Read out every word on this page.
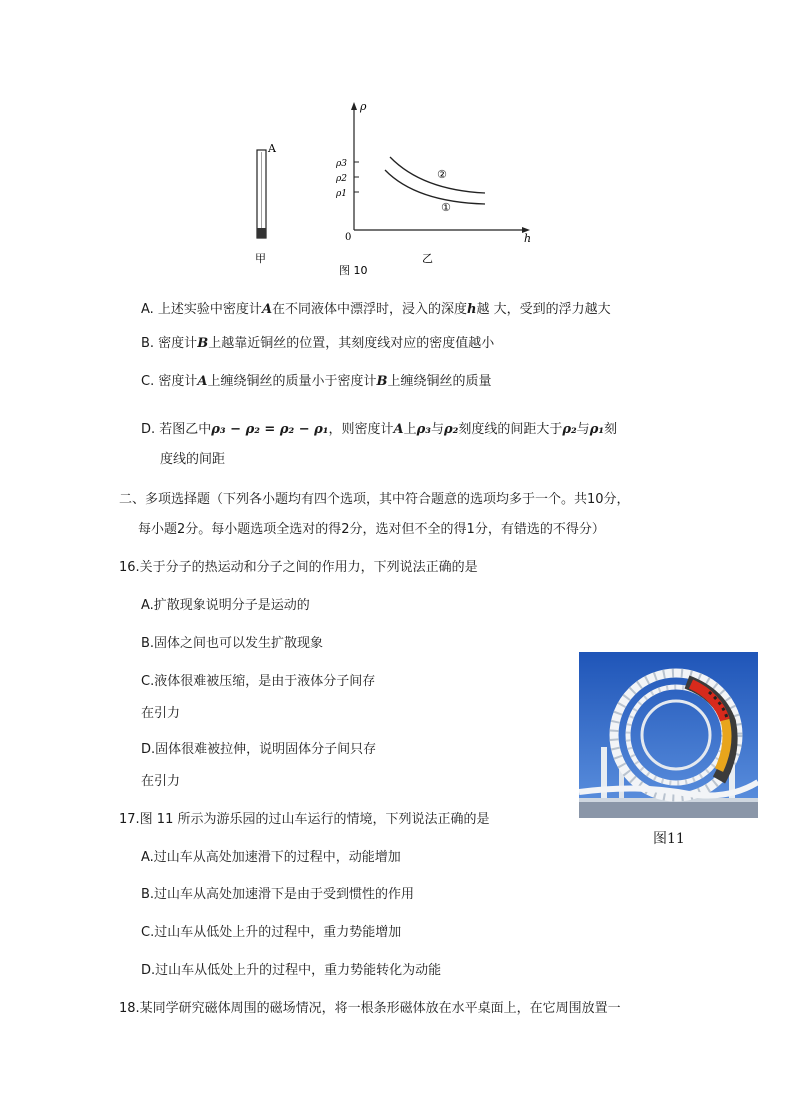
A
甲
ρ
h
0
ρ3
ρ2
ρ1
②
①
乙
图 10
A. 上述实验中密度计A在不同液体中漂浮时，浸入的深度h越 大，受到的浮力越大
B. 密度计B上越靠近铜丝的位置，其刻度线对应的密度值越小
C. 密度计A上缠绕铜丝的质量小于密度计B上缠绕铜丝的质量
D. 若图乙中ρ₃ − ρ₂ = ρ₂ − ρ₁，则密度计A上ρ₃与ρ₂刻度线的间距大于ρ₂与ρ₁刻
度线的间距
二、多项选择题（下列各小题均有四个选项，其中符合题意的选项均多于一个。共10分，
每小题2分。每小题选项全选对的得2分，选对但不全的得1分，有错选的不得分）
16.关于分子的热运动和分子之间的作用力，下列说法正确的是
A.扩散现象说明分子是运动的
B.固体之间也可以发生扩散现象
C.液体很难被压缩，是由于液体分子间存
在引力
D.固体很难被拉伸，说明固体分子间只存
在引力
图11
17.图 11 所示为游乐园的过山车运行的情境，下列说法正确的是
A.过山车从高处加速滑下的过程中，动能增加
B.过山车从高处加速滑下是由于受到惯性的作用
C.过山车从低处上升的过程中，重力势能增加
D.过山车从低处上升的过程中，重力势能转化为动能
18.某同学研究磁体周围的磁场情况，将一根条形磁体放在水平桌面上，在它周围放置一
